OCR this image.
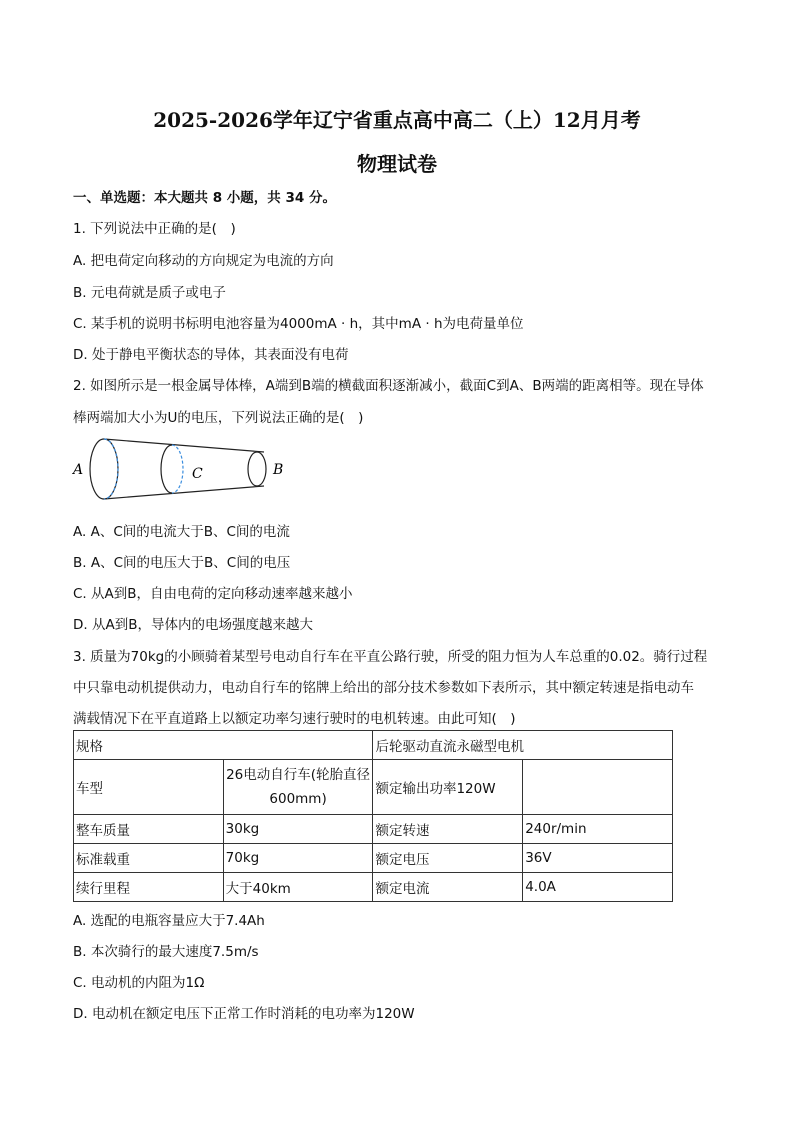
2025-2026学年辽宁省重点高中高二（上）12月月考
物理试卷
一、单选题：本大题共 8 小题，共 34 分。
1. 下列说法中正确的是(　)
A. 把电荷定向移动的方向规定为电流的方向
B. 元电荷就是质子或电子
C. 某手机的说明书标明电池容量为4000mA · h，其中mA · h为电荷量单位
D. 处于静电平衡状态的导体，其表面没有电荷
2. 如图所示是一根金属导体棒，A端到B端的横截面积逐渐减小，截面C到A、B两端的距离相等。现在导体
棒两端加大小为U的电压，下列说法正确的是(　)
A	C	B
A. A、C间的电流大于B、C间的电流
B. A、C间的电压大于B、C间的电压
C. 从A到B，自由电荷的定向移动速率越来越小
D. 从A到B，导体内的电场强度越来越大
3. 质量为70kg的小顾骑着某型号电动自行车在平直公路行驶，所受的阻力恒为人车总重的0.02。骑行过程
中只靠电动机提供动力，电动自行车的铭牌上给出的部分技术参数如下表所示，其中额定转速是指电动车
满载情况下在平直道路上以额定功率匀速行驶时的电机转速。由此可知(　)
规格		后轮驱动直流永磁型电机	
车型	26电动自行车(轮胎直径600mm)	额定输出功率120W	
整车质量	30kg	额定转速	240r/min
标准载重	70kg	额定电压	36V
续行里程	大于40km	额定电流	4.0A
A. 选配的电瓶容量应大于7.4Ah
B. 本次骑行的最大速度7.5m/s
C. 电动机的内阻为1Ω
D. 电动机在额定电压下正常工作时消耗的电功率为120W
